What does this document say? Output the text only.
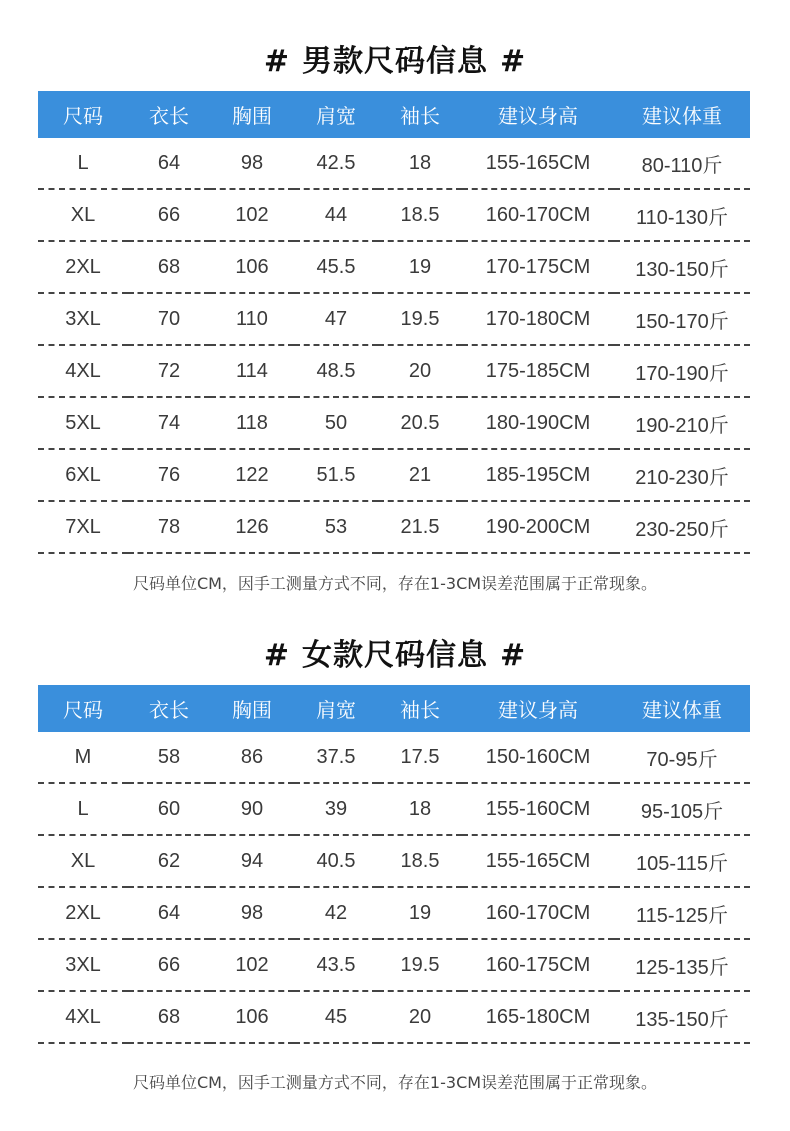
# 男款尺码信息 #
尺码	衣长	胸围	肩宽	袖长	建议身高	建议体重
L	64	98	42.5	18	155-165CM	80-110斤
XL	66	102	44	18.5	160-170CM	110-130斤
2XL	68	106	45.5	19	170-175CM	130-150斤
3XL	70	110	47	19.5	170-180CM	150-170斤
4XL	72	114	48.5	20	175-185CM	170-190斤
5XL	74	118	50	20.5	180-190CM	190-210斤
6XL	76	122	51.5	21	185-195CM	210-230斤
7XL	78	126	53	21.5	190-200CM	230-250斤
尺码单位CM，因手工测量方式不同，存在1-3CM误差范围属于正常现象。
# 女款尺码信息 #
尺码	衣长	胸围	肩宽	袖长	建议身高	建议体重
M	58	86	37.5	17.5	150-160CM	70-95斤
L	60	90	39	18	155-160CM	95-105斤
XL	62	94	40.5	18.5	155-165CM	105-115斤
2XL	64	98	42	19	160-170CM	115-125斤
3XL	66	102	43.5	19.5	160-175CM	125-135斤
4XL	68	106	45	20	165-180CM	135-150斤
尺码单位CM，因手工测量方式不同，存在1-3CM误差范围属于正常现象。
